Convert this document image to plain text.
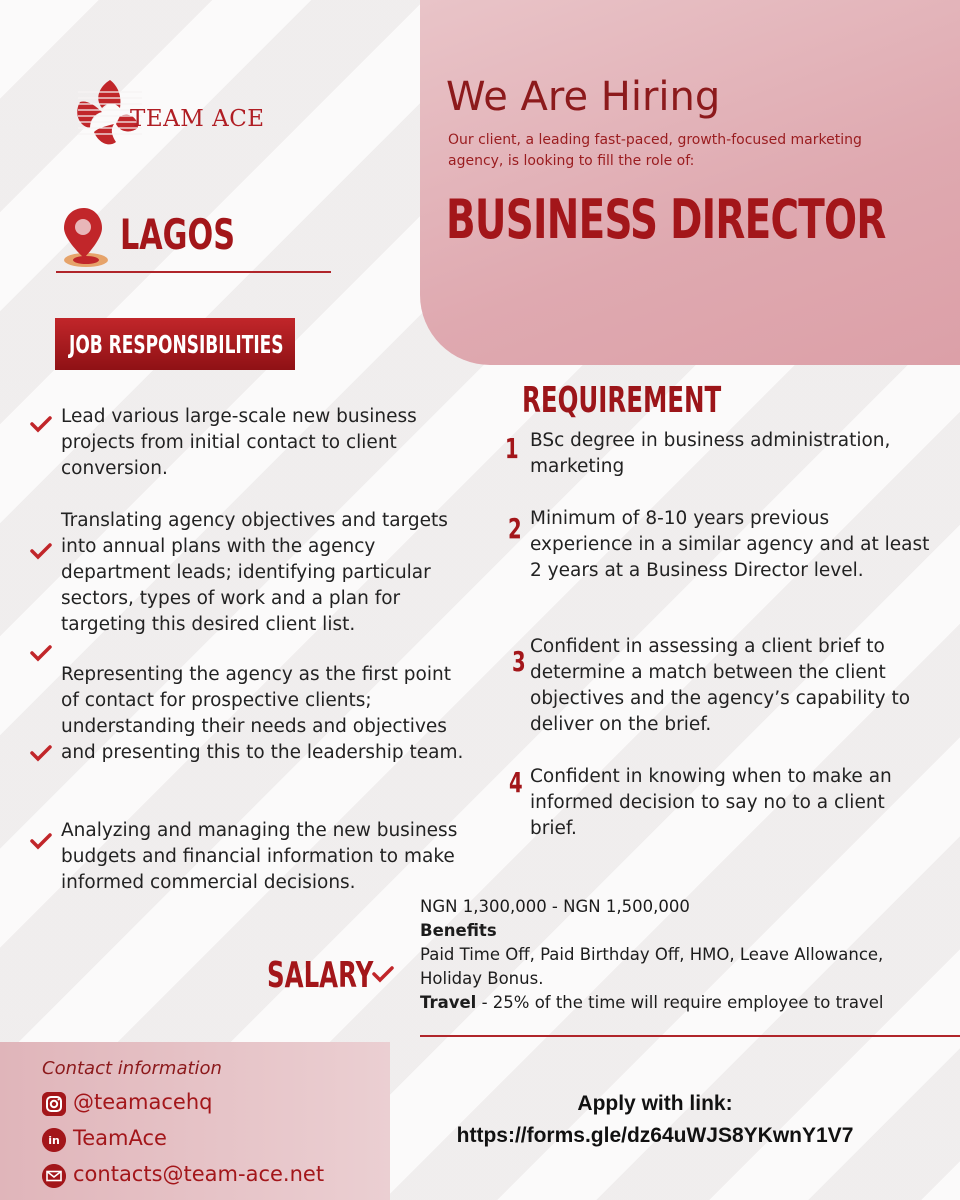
TEAM ACE	We Are Hiring
Our client, a leading fast-paced, growth-focused marketing agency, is looking to fill the role of:
BUSINESS DIRECTOR
LAGOS
JOB RESPONSIBILITIES
Lead various large-scale new business projects from initial contact to client conversion.
Translating agency objectives and targets into annual plans with the agency department leads; identifying particular sectors, types of work and a plan for targeting this desired client list.
Representing the agency as the first point of contact for prospective clients; understanding their needs and objectives and presenting this to the leadership team.
Analyzing and managing the new business budgets and financial information to make informed commercial decisions.
REQUIREMENT
1 BSc degree in business administration, marketing
2 Minimum of 8-10 years previous experience in a similar agency and at least 2 years at a Business Director level.
3 Confident in assessing a client brief to determine a match between the client objectives and the agency’s capability to deliver on the brief.
4 Confident in knowing when to make an informed decision to say no to a client brief.
SALARY
NGN 1,300,000 - NGN 1,500,000
Benefits
Paid Time Off, Paid Birthday Off, HMO, Leave Allowance, Holiday Bonus.
Travel - 25% of the time will require employee to travel
Contact information
@teamacehq
in TeamAce
contacts@team-ace.net
Apply with link:
https://forms.gle/dz64uWJS8YKwnY1V7
